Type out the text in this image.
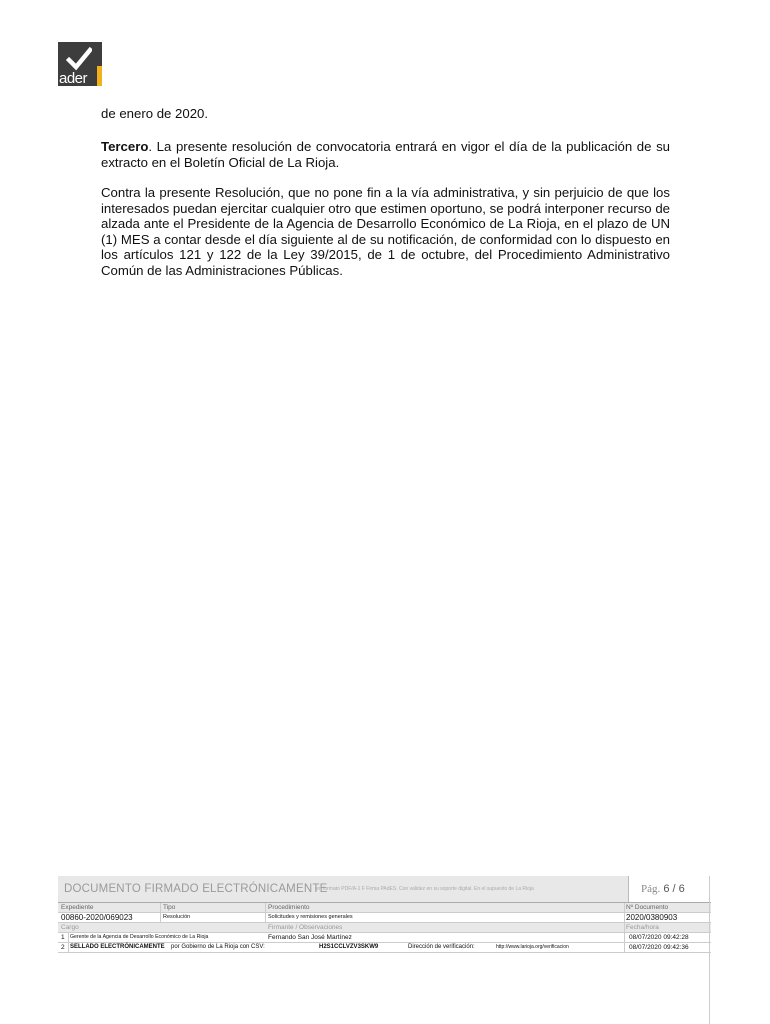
ader
de enero de 2020.
Tercero. La presente resolución de convocatoria entrará en vigor el día de la publicación de su extracto en el Boletín Oficial de La Rioja.
Contra la presente Resolución, que no pone fin a la vía administrativa, y sin perjuicio de que los interesados puedan ejercitar cualquier otro que estimen oportuno, se podrá interponer recurso de alzada ante el Presidente de la Agencia de Desarrollo Económico de La Rioja, en el plazo de UN (1) MES a contar desde el día siguiente al de su notificación, de conformidad con lo dispuesto en los artículos 121 y 122 de la Ley 39/2015, de 1 de octubre, del Procedimiento Administrativo Común de las Administraciones Públicas.
DOCUMENTO FIRMADO ELECTRÓNICAMENTE
en formato PDF/A-1 F Firma PAdES. Con validez en su soporte digital. En el supuesto de La Rioja	Pág. 6 / 6
Expediente	Tipo	Procedimiento	Nº Documento
00860-2020/069023	Resolución	Solicitudes y remisiones generales	2020/0380903
Cargo	Firmante / Observaciones	Fecha/hora
1 Gerente de la Agencia de Desarrollo Económico de La Rioja	Fernando San José Martínez	08/07/2020 09:42:28
2 SELLADO ELECTRÓNICAMENTE por Gobierno de La Rioja con CSV:	H2S1CCLVZV3SKW9	Dirección de verificación:	http://www.larioja.org/verificacion	08/07/2020 09:42:36
